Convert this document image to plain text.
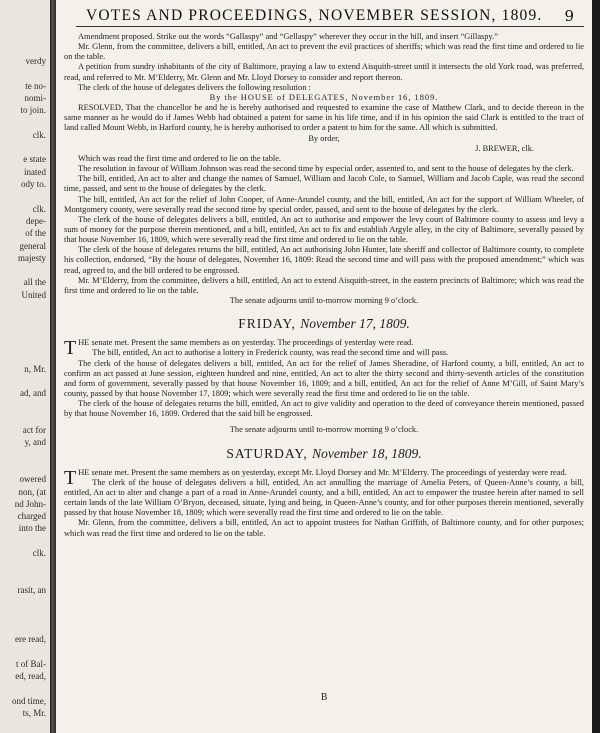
verdy
te no-
nomi-
to join.
clk.
e state
inated
ody to.
clk.
depe-
of the
general
majesty
all the
United
n, Mr.
ad, and
act for
y, and
owered
non, (at
nd John-
charged
into the
clk.
rasit, an
ere read,
t of Bal-
ed, read,
ond time,
ts, Mr.
VOTES AND PROCEEDINGS, NOVEMBER SESSION, 1809. 9

Amendment proposed. Strike out the words “Gallaspy” and “Gellaspy” wherever they occur in the bill, and insert “Gillaspy.”

Mr. Glenn, from the committee, delivers a bill, entitled, An act to prevent the evil practices of sheriffs; which was read the first time and ordered to lie on the table.

A petition from sundry inhabitants of the city of Baltimore, praying a law to extend Aisquith-street until it intersects the old York road, was preferred, read, and referred to Mr. M’Elderry, Mr. Glenn and Mr. Lloyd Dorsey to consider and report thereon.

The clerk of the house of delegates delivers the following resolution :

By the HOUSE of DELEGATES, November 16, 1809.

RESOLVED, That the chancellor be and he is hereby authorised and requested to examine the case of Matthew Clark, and to decide thereon in the same manner as he would do if James Webb had obtained a patent for same in his life time, and if in his opinion the said Clark is entitled to the tract of land called Mount Webb, in Harford county, he is hereby authorised to order a patent to him for the same. All which is submitted.

By order,

J. BREWER, clk.

Which was read the first time and ordered to lie on the table.

The resolution in favour of William Johnson was read the second time by especial order, assented to, and sent to the house of delegates by the clerk.

The bill, entitled, An act to alter and change the names of Samuel, William and Jacob Cole, to Samuel, William and Jacob Caple, was read the second time, passed, and sent to the house of delegates by the clerk.

The bill, entitled, An act for the relief of John Cooper, of Anne-Arundel county, and the bill, entitled, An act for the support of William Wheeler, of Montgomery county, were severally read the second time by special order, passed, and sent to the house of delegates by the clerk.

The clerk of the house of delegates delivers a bill, entitled, An act to authorise and empower the levy court of Baltimore county to assess and levy a sum of money for the purpose therein mentioned, and a bill, entitled, An act to fix and establish Argyle alley, in the city of Baltimore, severally passed by that house November 16, 1809, which were severally read the first time and ordered to lie on the table.

The clerk of the house of delegates returns the bill, entitled, An act authorising John Hunter, late sheriff and collector of Baltimore county, to complete his collection, endorsed, “By the house of delegates, November 16, 1809: Read the second time and will pass with the proposed amendment;” which was read, agreed to, and the bill ordered to be engrossed.

Mr. M’Elderry, from the committee, delivers a bill, entitled, An act to extend Aisquith-street, in the eastern precincts of Baltimore; which was read the first time and ordered to lie on the table.

The senate adjourns until to-morrow morning 9 o’clock.

FRIDAY, November 17, 1809.

THE senate met. Present the same members as on yesterday. The proceedings of yesterday were read.

The bill, entitled, An act to authorise a lottery in Frederick county, was read the second time and will pass.

The clerk of the house of delegates delivers a bill, entitled, An act for the relief of James Sheradine, of Harford county, a bill, entitled, An act to confirm an act passed at June session, eighteen hundred and nine, entitled, An act to alter the thirty second and thirty-seventh articles of the constitution and form of government, severally passed by that house November 16, 1809; and a bill, entitled, An act for the relief of Anne M’Gill, of Saint Mary’s county, passed by that house November 17, 1809; which were severally read the first time and ordered to lie on the table.

The clerk of the house of delegates returns the bill, entitled, An act to give validity and operation to the deed of conveyance therein mentioned, passed by that house November 16, 1809. Ordered that the said bill be engrossed.

The senate adjourns until to-morrow morning 9 o’clock.

SATURDAY, November 18, 1809.

THE senate met. Present the same members as on yesterday, except Mr. Lloyd Dorsey and Mr. M’Elderry. The proceedings of yesterday were read.

The clerk of the house of delegates delivers a bill, entitled, An act annulling the marriage of Amelia Peters, of Queen-Anne’s county, a bill, entitled, An act to alter and change a part of a road in Anne-Arundel county, and a bill, entitled, An act to empower the trustee herein after named to sell certain lands of the late William O’Bryon, deceased, situate, lying and being, in Queen-Anne’s county, and for other purposes therein mentioned, severally passed by that house November 18, 1809; which were severally read the first time and ordered to lie on the table.

Mr. Glenn, from the committee, delivers a bill, entitled, An act to appoint trustees for Nathan Griffith, of Baltimore county, and for other purposes; which was read the first time and ordered to lie on the table.

B
